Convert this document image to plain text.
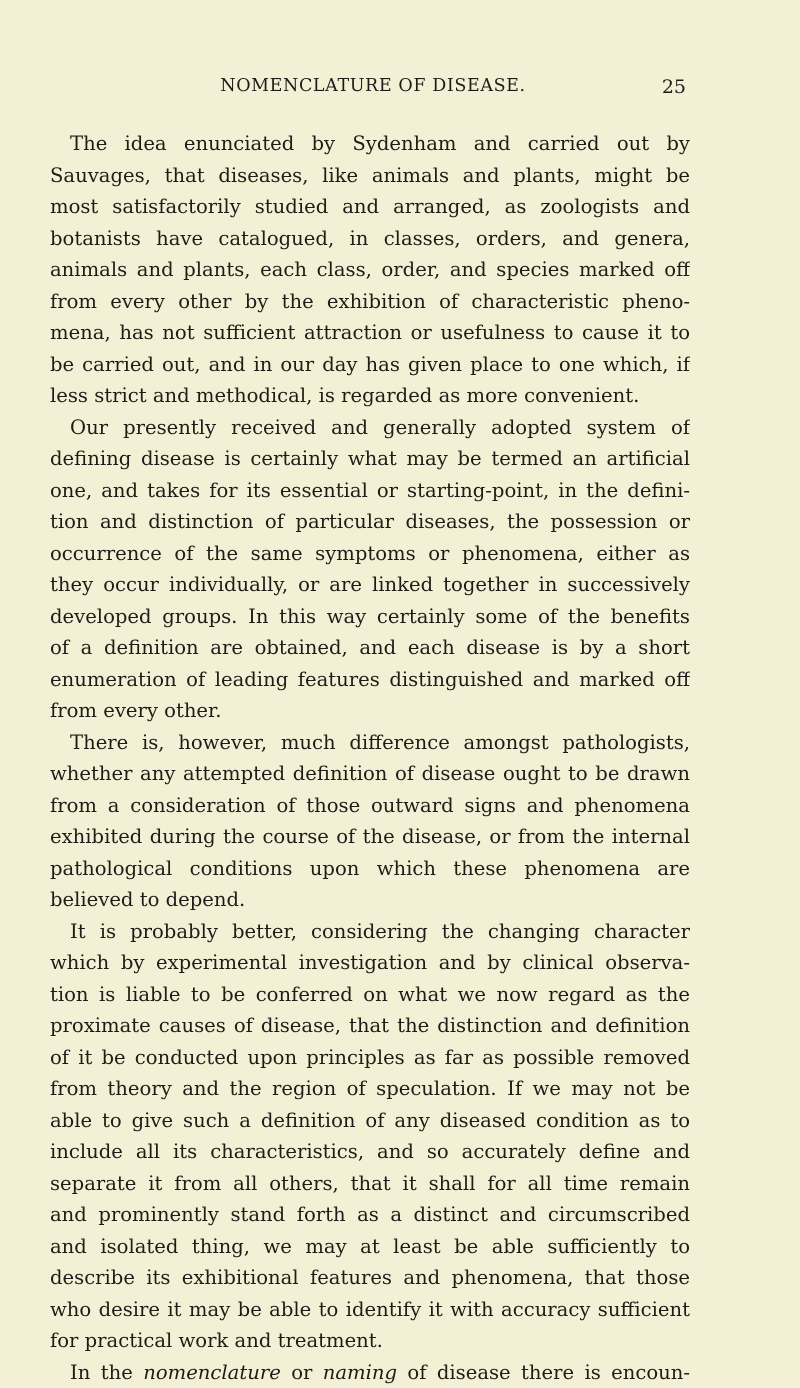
NOMENCLATURE OF DISEASE.	25
The idea enunciated by Sydenham and carried out by
Sauvages, that diseases, like animals and plants, might be
most satisfactorily studied and arranged, as zoologists and
botanists have catalogued, in classes, orders, and genera,
animals and plants, each class, order, and species marked off
from every other by the exhibition of characteristic pheno-
mena, has not sufficient attraction or usefulness to cause it to
be carried out, and in our day has given place to one which, if
less strict and methodical, is regarded as more convenient.
Our presently received and generally adopted system of
defining disease is certainly what may be termed an artificial
one, and takes for its essential or starting-point, in the defini-
tion and distinction of particular diseases, the possession or
occurrence of the same symptoms or phenomena, either as
they occur individually, or are linked together in successively
developed groups. In this way certainly some of the benefits
of a definition are obtained, and each disease is by a short
enumeration of leading features distinguished and marked off
from every other.
There is, however, much difference amongst pathologists,
whether any attempted definition of disease ought to be drawn
from a consideration of those outward signs and phenomena
exhibited during the course of the disease, or from the internal
pathological conditions upon which these phenomena are
believed to depend.
It is probably better, considering the changing character
which by experimental investigation and by clinical observa-
tion is liable to be conferred on what we now regard as the
proximate causes of disease, that the distinction and definition
of it be conducted upon principles as far as possible removed
from theory and the region of speculation. If we may not be
able to give such a definition of any diseased condition as to
include all its characteristics, and so accurately define and
separate it from all others, that it shall for all time remain
and prominently stand forth as a distinct and circumscribed
and isolated thing, we may at least be able sufficiently to
describe its exhibitional features and phenomena, that those
who desire it may be able to identify it with accuracy sufficient
for practical work and treatment.
In the nomenclature or naming of disease there is encoun-
